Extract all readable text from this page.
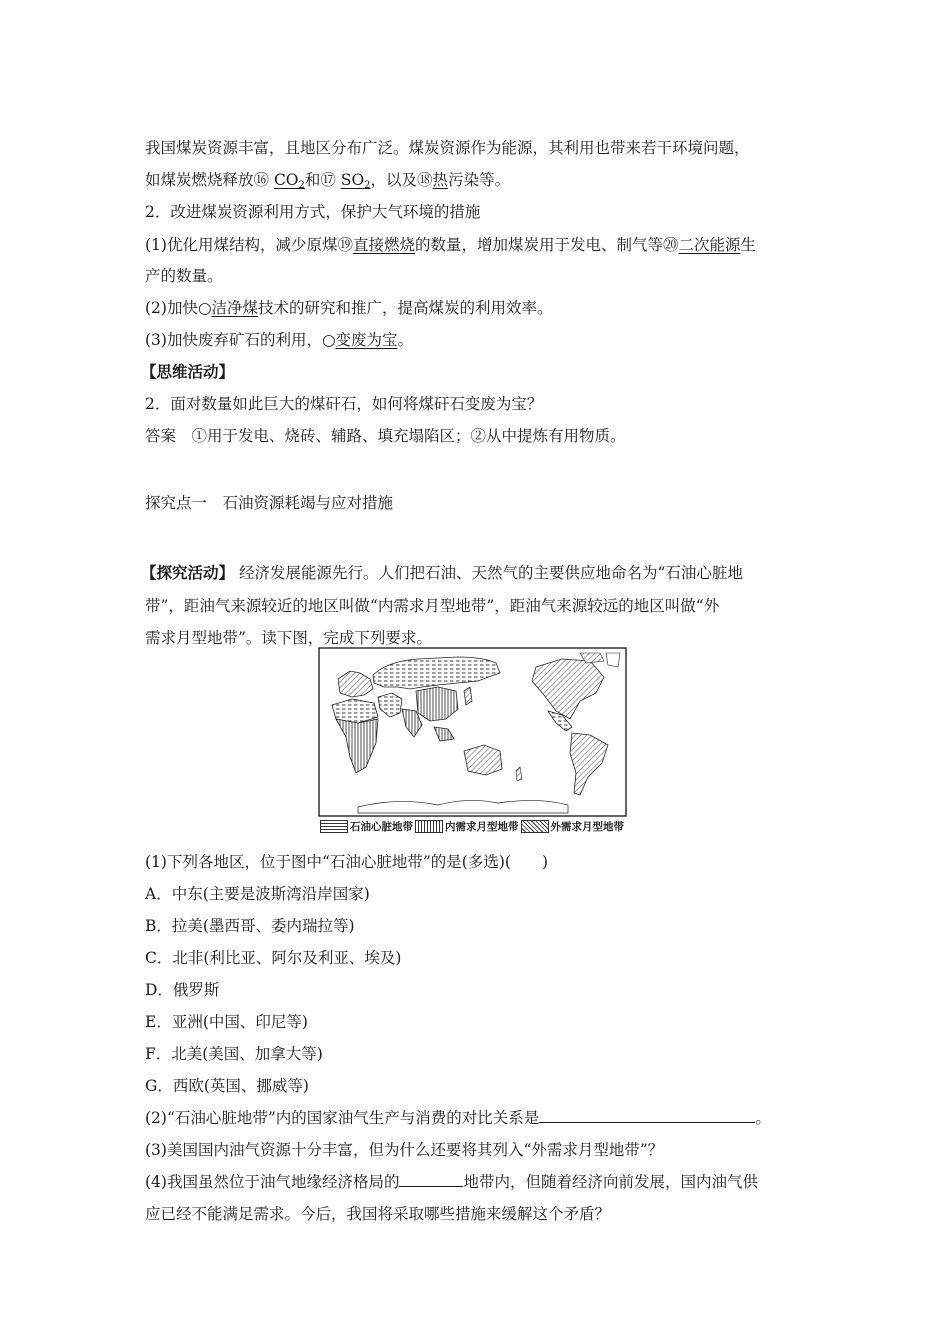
我国煤炭资源丰富，且地区分布广泛。煤炭资源作为能源，其利用也带来若干环境问题，
如煤炭燃烧释放⑯ $CO_2$和⑰ $SO_2$，以及⑱热污染等。
2．改进煤炭资源利用方式，保护大气环境的措施
(1)优化用煤结构，减少原煤⑲直接燃烧的数量，增加煤炭用于发电、制气等⑳二次能源生
产的数量。
(2)加快○洁净煤技术的研究和推广，提高煤炭的利用效率。
(3)加快废弃矿石的利用，○变废为宝。
【思维活动】
2．面对数量如此巨大的煤矸石，如何将煤矸石变废为宝？
答案　①用于发电、烧砖、辅路、填充塌陷区；②从中提炼有用物质。
探究点一　石油资源耗竭与应对措施
【探究活动】 经济发展能源先行。人们把石油、天然气的主要供应地命名为“石油心脏地
带”，距油气来源较近的地区叫做“内需求月型地带”，距油气来源较远的地区叫做“外
需求月型地带”。读下图，完成下列要求。
石油心脏地带	内需求月型地带	外需求月型地带
(1)下列各地区，位于图中“石油心脏地带”的是(多选)(　　)
A．中东(主要是波斯湾沿岸国家)
B．拉美(墨西哥、委内瑞拉等)
C．北非(利比亚、阿尔及利亚、埃及)
D．俄罗斯
E．亚洲(中国、印尼等)
F．北美(美国、加拿大等)
G．西欧(英国、挪威等)
(2)“石油心脏地带”内的国家油气生产与消费的对比关系是	。
(3)美国国内油气资源十分丰富，但为什么还要将其列入“外需求月型地带”？
(4)我国虽然位于油气地缘经济格局的	地带内，但随着经济向前发展，国内油气供
应已经不能满足需求。今后，我国将采取哪些措施来缓解这个矛盾？
